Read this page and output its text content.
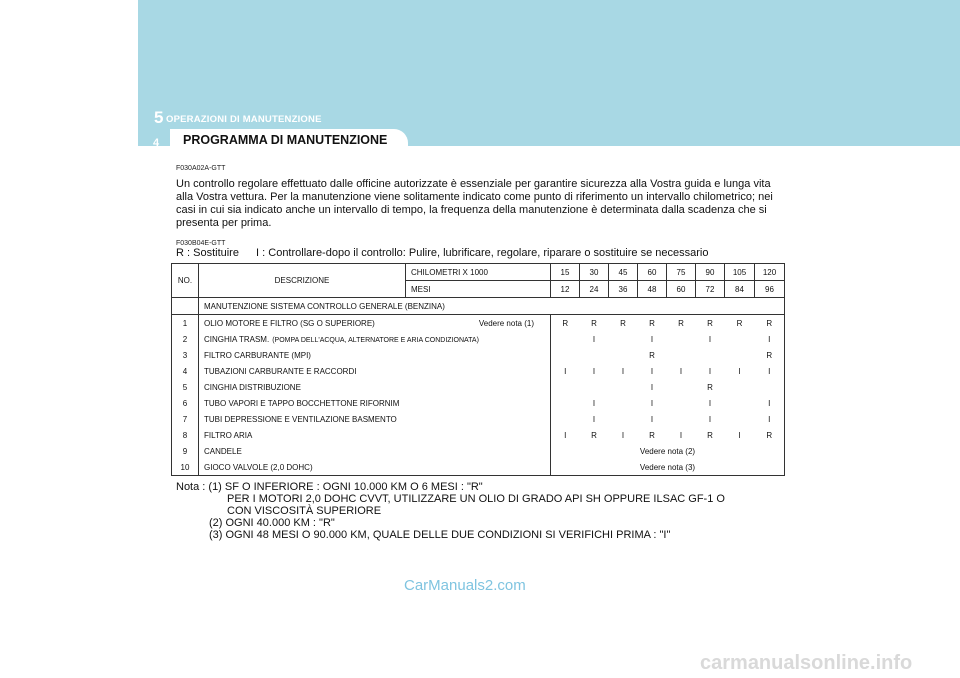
5 OPERAZIONI DI MANUTENZIONE
4 PROGRAMMA DI MANUTENZIONE
F030A02A-GTT
Un controllo regolare effettuato dalle officine autorizzate è essenziale per garantire sicurezza alla Vostra guida e lunga vita alla Vostra vettura. Per la manutenzione viene solitamente indicato come punto di riferimento un intervallo chilometrico; nei casi in cui sia indicato anche un intervallo di tempo, la frequenza della manutenzione è determinata dalla scadenza che si presenta per prima.
F030B04E-GTT
R : Sostituire I : Controllare-dopo il controllo: Pulire, lubrificare, regolare, riparare o sostituire se necessario
NO.	DESCRIZIONE	CHILOMETRI X 1000	15	30	45	60	75	90	105	120
		MESI	12	24	36	48	60	72	84	96
	MANUTENZIONE SISTEMA CONTROLLO GENERALE (BENZINA)									
1	OLIO MOTORE E FILTRO (SG O SUPERIORE) Vedere nota (1)		R	R	R	R	R	R	R	R
2	CINGHIA TRASM. (POMPA DELL'ACQUA, ALTERNATORE E ARIA CONDIZIONATA)			I		I		I		I
3	FILTRO CARBURANTE (MPI)					R				R
4	TUBAZIONI CARBURANTE E RACCORDI		I	I	I	I	I	I	I	I
5	CINGHIA DISTRIBUZIONE					I		R		
6	TUBO VAPORI E TAPPO BOCCHETTONE RIFORNIM			I		I		I		I
7	TUBI DEPRESSIONE E VENTILAZIONE BASMENTO			I		I		I		I
8	FILTRO ARIA		I	R	I	R	I	R	I	R
9	CANDELE		Vedere nota (2)							
10	GIOCO VALVOLE (2,0 DOHC)		Vedere nota (3)							
Nota : (1) SF O INFERIORE : OGNI 10.000 KM O 6 MESI : "R"
PER I MOTORI 2,0 DOHC CVVT, UTILIZZARE UN OLIO DI GRADO API SH OPPURE ILSAC GF-1 O
CON VISCOSITÀ SUPERIORE
(2) OGNI 40.000 KM : "R"
(3) OGNI 48 MESI O 90.000 KM, QUALE DELLE DUE CONDIZIONI SI VERIFICHI PRIMA : "I"
CarManuals2.com
carmanualsonline.info
